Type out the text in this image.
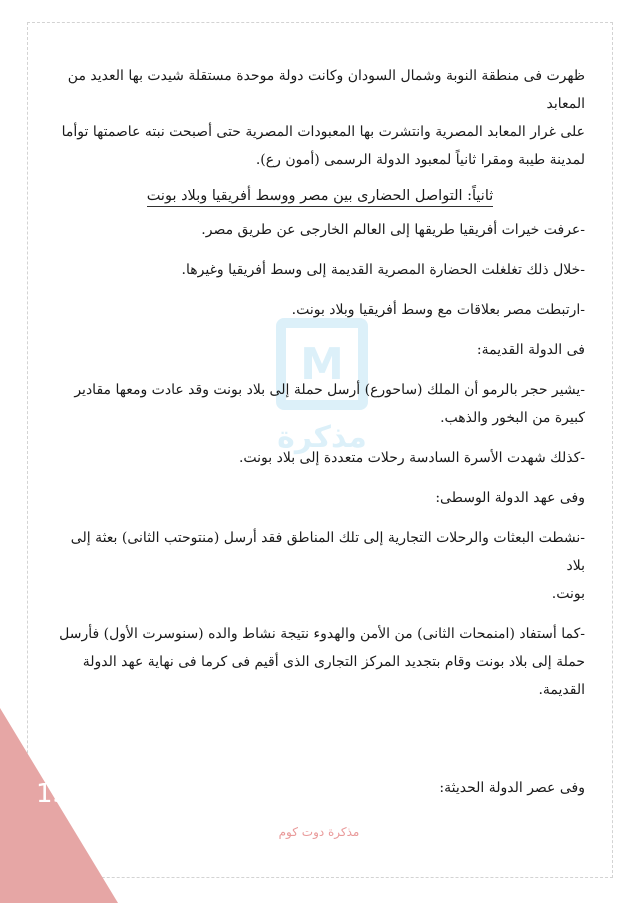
M
مذكرة

ظهرت فى منطقة النوبة وشمال السودان وكانت دولة موحدة مستقلة شيدت بها العديد من المعابد

على غرار المعابد المصرية وانتشرت بها المعبودات المصرية حتى أصبحت نبته عاصمتها توأما

لمدينة طيبة ومقرا ثانياً لمعبود الدولة الرسمى (أمون رع).

ثانياً: التواصل الحضارى بين مصر ووسط أفريقيا وبلاد بونت

-عرفت خيرات أفريقيا طريقها إلى العالم الخارجى عن طريق مصر.

-خلال ذلك تغلغلت الحضارة المصرية القديمة إلى وسط أفريقيا وغيرها.

-ارتبطت مصر بعلاقات مع وسط أفريقيا وبلاد بونت.

فى الدولة القديمة:

-يشير حجر بالرمو أن الملك (ساحورع) أرسل حملة إلى بلاد بونت وقد عادت ومعها مقادير

كبيرة من البخور والذهب.

-كذلك شهدت الأسرة السادسة رحلات متعددة إلى بلاد بونت.

وفى عهد الدولة الوسطى:

-نشطت البعثات والرحلات التجارية إلى تلك المناطق فقد أرسل (منتوحتب الثانى) بعثة إلى بلاد

بونت.

-كما أستفاد (امنمحات الثانى) من الأمن والهدوء نتيجة نشاط والده (سنوسرت الأول) فأرسل

حملة إلى بلاد بونت وقام بتجديد المركز التجارى الذى أقيم فى كرما فى نهاية عهد الدولة القديمة.

وفى عصر الدولة الحديثة:

137
مذكرة دوت كوم
